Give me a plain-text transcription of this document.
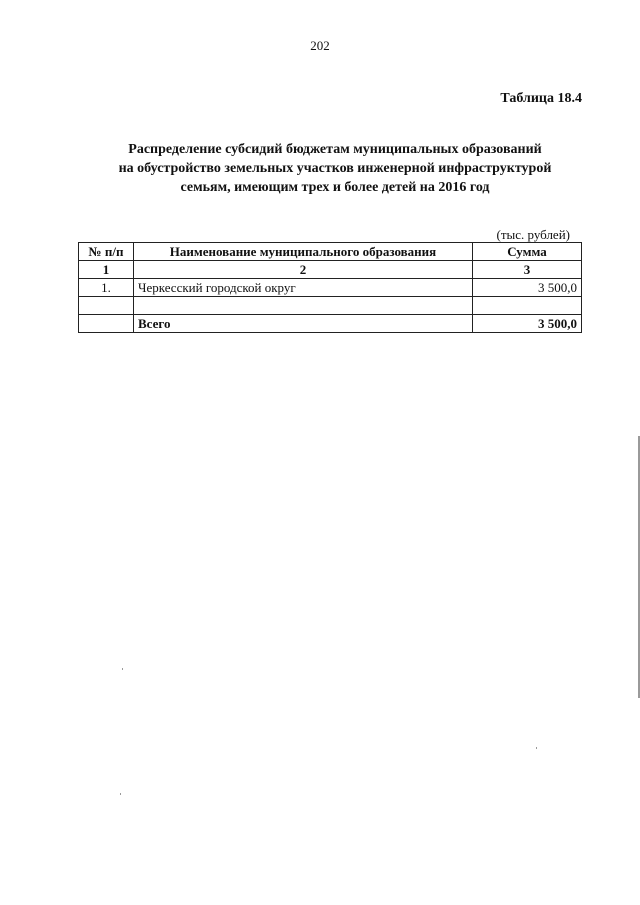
202
Таблица 18.4
Распределение субсидий бюджетам муниципальных образований
на обустройство земельных участков инженерной инфраструктурой
семьям, имеющим трех и более детей на 2016 год
(тыс. рублей)
№ п/п	Наименование муниципального образования	Сумма
1	2	3
1.	Черкесский городской округ	3 500,0

	Всего	3 500,0
